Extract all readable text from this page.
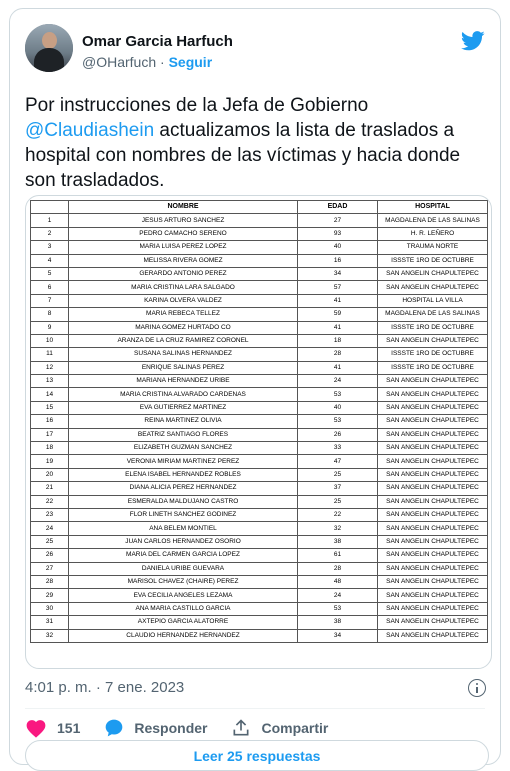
Omar Garcia Harfuch
@OHarfuch · Seguir
Por instrucciones de la Jefa de Gobierno
@Claudiashein actualizamos la lista de traslados a hospital con nombres de las víctimas y hacia donde son trasladados.
	NOMBRE	EDAD	HOSPITAL
1	JESUS ARTURO SANCHEZ	27	MAGDALENA DE LAS SALINAS
2	PEDRO CAMACHO SERENO	93	H. R. LEÑERO
3	MARIA LUISA PEREZ LOPEZ	40	TRAUMA NORTE
4	MELISSA RIVERA GOMEZ	16	ISSSTE 1RO DE OCTUBRE
5	GERARDO ANTONIO PEREZ	34	SAN ANGELIN CHAPULTEPEC
6	MARIA CRISTINA LARA SALGADO	57	SAN ANGELIN CHAPULTEPEC
7	KARINA OLVERA VALDEZ	41	HOSPITAL LA VILLA
8	MARIA REBECA TELLEZ	59	MAGDALENA DE LAS SALINAS
9	MARINA GOMEZ HURTADO CO	41	ISSSTE 1RO DE OCTUBRE
10	ARANZA DE LA CRUZ RAMIREZ CORONEL	18	SAN ANGELIN CHAPULTEPEC
11	SUSANA SALINAS HERNANDEZ	28	ISSSTE 1RO DE OCTUBRE
12	ENRIQUE SALINAS PEREZ	41	ISSSTE 1RO DE OCTUBRE
13	MARIANA HERNANDEZ URIBE	24	SAN ANGELIN CHAPULTEPEC
14	MARIA CRISTINA ALVARADO CARDENAS	53	SAN ANGELIN CHAPULTEPEC
15	EVA GUTIERREZ MARTINEZ	40	SAN ANGELIN CHAPULTEPEC
16	REINA MARTINEZ OLIVIA	53	SAN ANGELIN CHAPULTEPEC
17	BEATRIZ SANTIAGO FLORES	26	SAN ANGELIN CHAPULTEPEC
18	ELIZABETH GUZMAN SANCHEZ	33	SAN ANGELIN CHAPULTEPEC
19	VERONIA MIRIAM MARTINEZ PEREZ	47	SAN ANGELIN CHAPULTEPEC
20	ELENA ISABEL HERNANDEZ ROBLES	25	SAN ANGELIN CHAPULTEPEC
21	DIANA ALICIA PEREZ HERNANDEZ	37	SAN ANGELIN CHAPULTEPEC
22	ESMERALDA MALDUJANO CASTRO	25	SAN ANGELIN CHAPULTEPEC
23	FLOR LINETH SANCHEZ GODINEZ	22	SAN ANGELIN CHAPULTEPEC
24	ANA BELEM MONTIEL	32	SAN ANGELIN CHAPULTEPEC
25	JUAN CARLOS HERNANDEZ OSORIO	38	SAN ANGELIN CHAPULTEPEC
26	MARIA DEL CARMEN GARCIA LOPEZ	61	SAN ANGELIN CHAPULTEPEC
27	DANIELA URIBE GUEVARA	28	SAN ANGELIN CHAPULTEPEC
28	MARISOL CHAVEZ (CHAIRE) PEREZ	48	SAN ANGELIN CHAPULTEPEC
29	EVA CECILIA ANGELES LEZAMA	24	SAN ANGELIN CHAPULTEPEC
30	ANA MARIA CASTILLO GARCIA	53	SAN ANGELIN CHAPULTEPEC
31	AXTEPIO GARCIA ALATORRE	38	SAN ANGELIN CHAPULTEPEC
32	CLAUDIO HERNANDEZ HERNANDEZ	34	SAN ANGELIN CHAPULTEPEC
4:01 p. m. · 7 ene. 2023
151	Responder	Compartir
Leer 25 respuestas
